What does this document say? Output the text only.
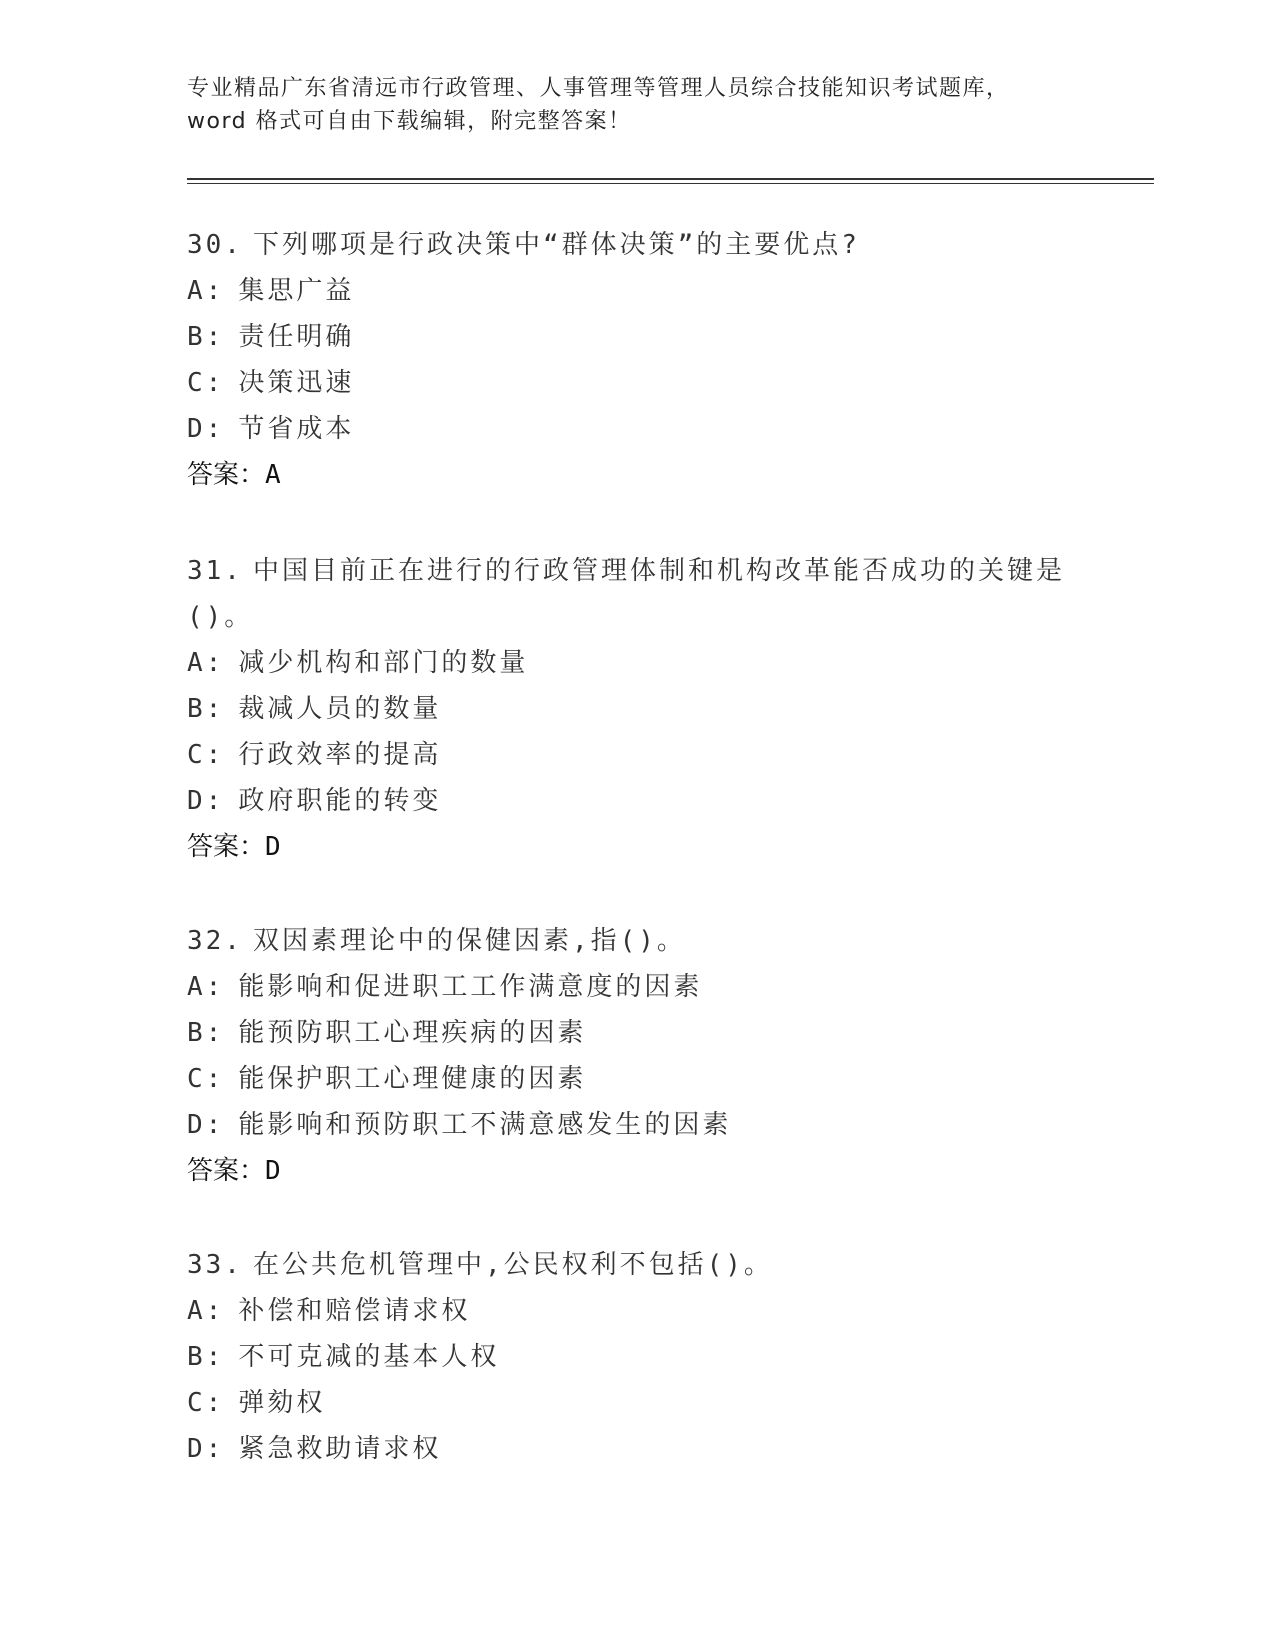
专业精品广东省清远市行政管理、人事管理等管理人员综合技能知识考试题库，
word 格式可自由下载编辑，附完整答案！
30. 下列哪项是行政决策中“群体决策”的主要优点?
A: 集思广益
B: 责任明确
C: 决策迅速
D: 节省成本
答案：A
31. 中国目前正在进行的行政管理体制和机构改革能否成功的关键是
()。
A: 减少机构和部门的数量
B: 裁减人员的数量
C: 行政效率的提高
D: 政府职能的转变
答案：D
32. 双因素理论中的保健因素,指()。
A: 能影响和促进职工工作满意度的因素
B: 能预防职工心理疾病的因素
C: 能保护职工心理健康的因素
D: 能影响和预防职工不满意感发生的因素
答案：D
33. 在公共危机管理中,公民权利不包括()。
A: 补偿和赔偿请求权
B: 不可克减的基本人权
C: 弹劾权
D: 紧急救助请求权
